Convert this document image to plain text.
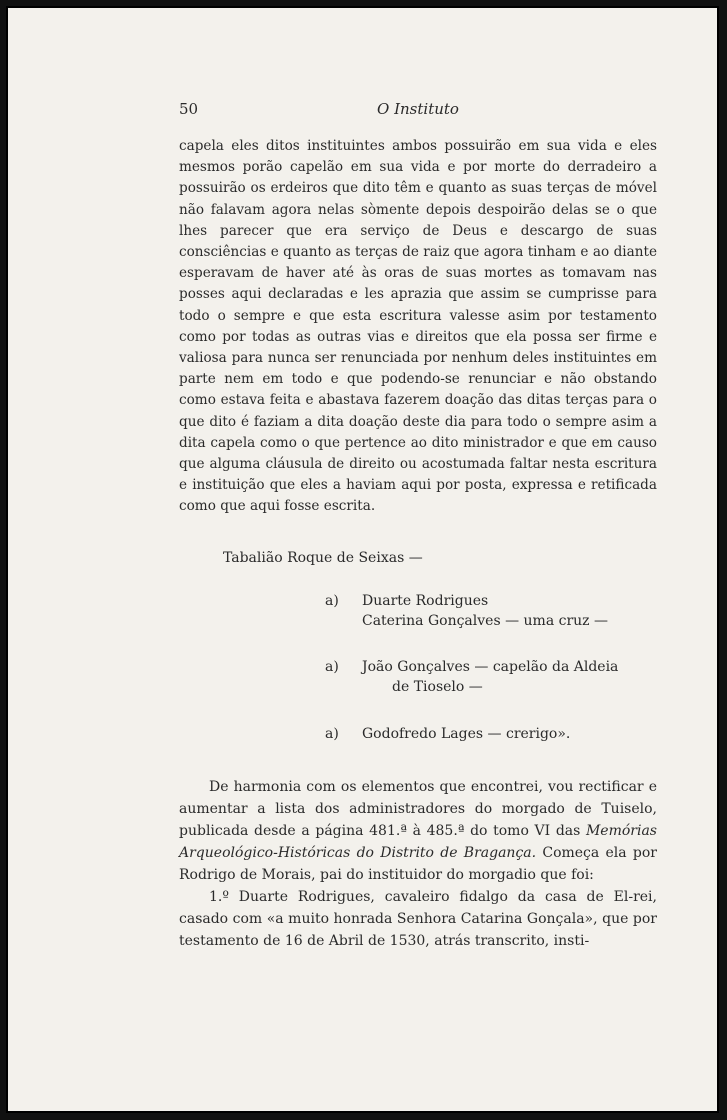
50	O Instituto

capela eles ditos instituintes ambos possuirão em sua vida e eles mesmos porão capelão em sua vida e por morte do derradeiro a possuirão os erdeiros que dito têm e quanto as suas terças de móvel não falavam agora nelas sòmente depois despoirão delas se o que lhes parecer que era serviço de Deus e descargo de suas consciências e quanto as terças de raiz que agora tinham e ao diante esperavam de haver até às oras de suas mortes as tomavam nas posses aqui declaradas e les aprazia que assim se cumprisse para todo o sempre e que esta escritura valesse asim por testamento como por todas as outras vias e direitos que ela possa ser firme e valiosa para nunca ser renunciada por nenhum deles instituintes em parte nem em todo e que podendo-se renunciar e não obstando como estava feita e abastava fazerem doação das ditas terças para o que dito é faziam a dita doação deste dia para todo o sempre asim a dita capela como o que pertence ao dito ministrador e que em causo que alguma cláusula de direito ou acostumada faltar nesta escritura e instituição que eles a haviam aqui por posta, expressa e retificada como que aqui fosse escrita.

Tabalião Roque de Seixas —
a) Duarte Rodrigues
Caterina Gonçalves — uma cruz —
a) João Gonçalves — capelão da Aldeia
de Tioselo —
a) Godofredo Lages — crerigo».

De harmonia com os elementos que encontrei, vou rectificar e aumentar a lista dos administradores do morgado de Tuiselo, publicada desde a página 481.ª à 485.ª do tomo VI das Memórias Arqueológico-Históricas do Distrito de Bragança. Começa ela por Rodrigo de Morais, pai do instituidor do morgadio que foi:

1.º Duarte Rodrigues, cavaleiro fidalgo da casa de El-rei, casado com «a muito honrada Senhora Catarina Gonçala», que por testamento de 16 de Abril de 1530, atrás transcrito, insti-
